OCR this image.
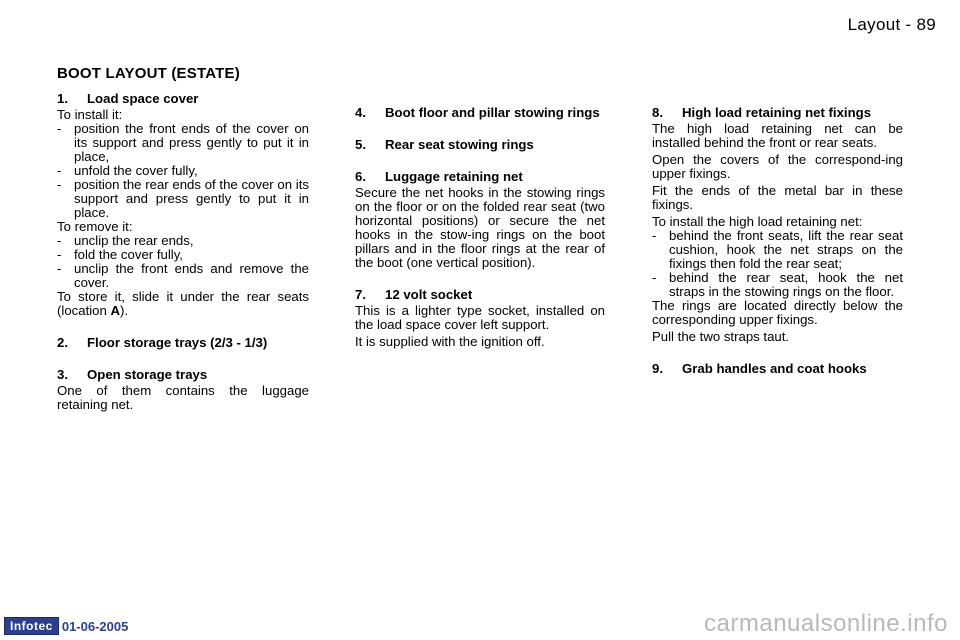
Layout - 89
BOOT LAYOUT (ESTATE)
1.	Load space cover

To install it:

- position the front ends of the cover on its support and press gently to put it in place,
- unfold the cover fully,
- position the rear ends of the cover on its support and press gently to put it in place.

To remove it:

- unclip the rear ends,
- fold the cover fully,
- unclip the front ends and remove the cover.

To store it, slide it under the rear seats (location A).

2.	Floor storage trays (2/3 - 1/3)
3.	Open storage trays

One of them contains the luggage retaining net.

4.	Boot floor and pillar stowing rings
5.	Rear seat stowing rings
6.	Luggage retaining net

Secure the net hooks in the stowing rings on the floor or on the folded rear seat (two horizontal positions) or secure the net hooks in the stow-ing rings on the boot pillars and in the floor rings at the rear of the boot (one vertical position).

7.	12 volt socket

This is a lighter type socket, installed on the load space cover left support.

It is supplied with the ignition off.

8.	High load retaining net fixings

The high load retaining net can be installed behind the front or rear seats.

Open the covers of the correspond-ing upper fixings.

Fit the ends of the metal bar in these fixings.

To install the high load retaining net:

- behind the front seats, lift the rear seat cushion, hook the net straps on the fixings then fold the rear seat;
- behind the rear seat, hook the net straps in the stowing rings on the floor.

The rings are located directly below the corresponding upper fixings.

Pull the two straps taut.

9.	Grab handles and coat hooks
Infotec 01-06-2005	carmanualsonline.info
